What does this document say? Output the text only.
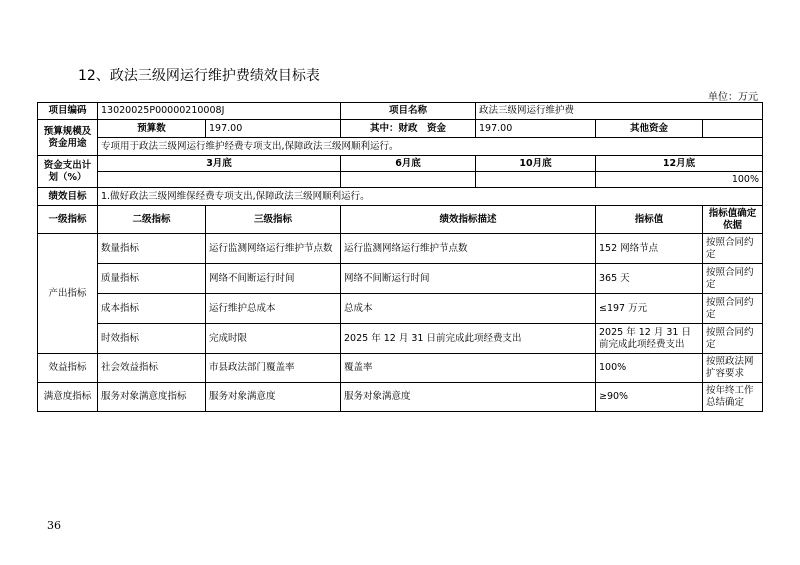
12、政法三级网运行维护费绩效目标表
单位：万元
项目编码	13020025P00000210008J		项目名称	政法三级网运行维护费		
预算规模及资金用途	预算数	197.00	其中：财政　资金	197.00	其他资金	
	专项用于政法三级网运行维护经费专项支出,保障政法三级网顺利运行。					
资金支出计划（%）	3月底		6月底	10月底	12月底	
					100%	
绩效目标	1.做好政法三级网维保经费专项支出,保障政法三级网顺利运行。					
一级指标	二级指标	三级指标	绩效指标描述		指标值	指标值确定依据
产出指标	数量指标	运行监测网络运行维护节点数	运行监测网络运行维护节点数		152 网络节点	按照合同约定
	质量指标	网络不间断运行时间	网络不间断运行时间		365 天	按照合同约定
	成本指标	运行维护总成本	总成本		≤197 万元	按照合同约定
	时效指标	完成时限	2025 年 12 月 31 日前完成此项经费支出		2025 年 12 月 31 日前完成此项经费支出	按照合同约定
效益指标	社会效益指标	市县政法部门覆盖率	覆盖率		100%	按照政法网扩容要求
满意度指标	服务对象满意度指标	服务对象满意度	服务对象满意度		≥90%	按年终工作总结确定
36
